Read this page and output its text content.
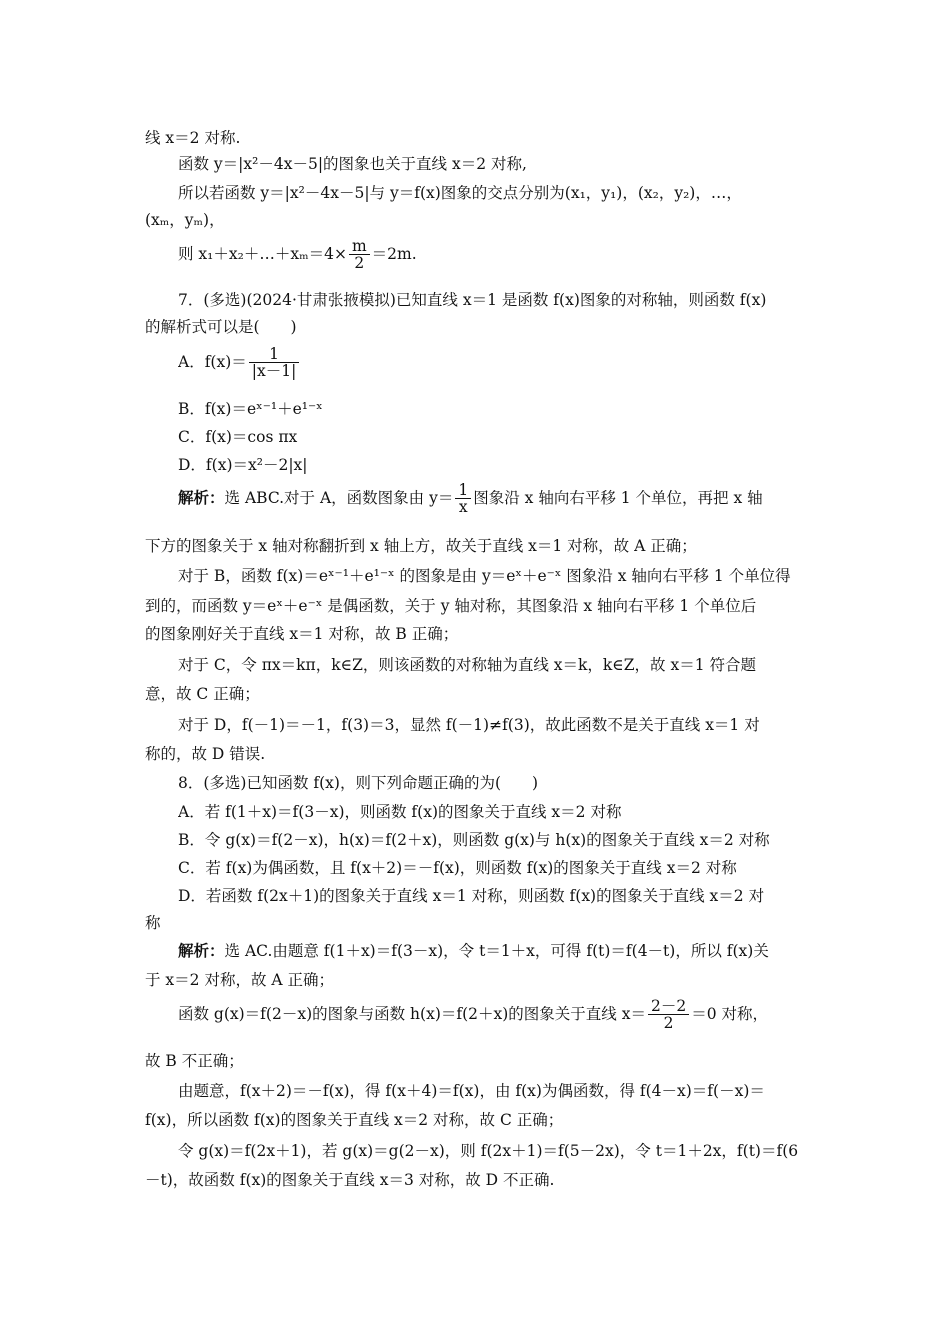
线 x＝2 对称.
函数 y＝|x²－4x－5|的图象也关于直线 x＝2 对称,
所以若函数 y＝|x²－4x－5|与 y＝f(x)图象的交点分别为(x₁，y₁)，(x₂，y₂)，…，
(xₘ，yₘ)，
则 x₁＋x₂＋…＋xₘ＝4× $\frac{m}{2} =2m$.
7．(多选)(2024·甘肃张掖模拟)已知直线 x＝1 是函数 f(x)图象的对称轴，则函数 f(x)
的解析式可以是(　　)
A．$f(x)= \frac{1}{|x-1|}$
B．f(x)＝eˣ⁻¹＋e¹⁻ˣ
C．f(x)＝cos πx
D．f(x)＝x²－2|x|
解析：选 ABC.对于 A，函数图象由 $y= \frac{1}{x}$ 图象沿 x 轴向右平移 1 个单位，再把 x 轴
下方的图象关于 x 轴对称翻折到 x 轴上方，故关于直线 x＝1 对称，故 A 正确；
对于 B，函数 f(x)＝eˣ⁻¹＋e¹⁻ˣ 的图象是由 y＝eˣ＋e⁻ˣ 图象沿 x 轴向右平移 1 个单位得
到的，而函数 y＝eˣ＋e⁻ˣ 是偶函数，关于 y 轴对称，其图象沿 x 轴向右平移 1 个单位后
的图象刚好关于直线 x＝1 对称，故 B 正确；
对于 C，令 πx＝kπ，k∈Z，则该函数的对称轴为直线 x＝k，k∈Z，故 x＝1 符合题
意，故 C 正确；
对于 D，f(－1)＝－1，f(3)＝3，显然 f(－1)≠f(3)，故此函数不是关于直线 x＝1 对
称的，故 D 错误.
8．(多选)已知函数 f(x)，则下列命题正确的为(　　)
A．若 f(1＋x)＝f(3－x)，则函数 f(x)的图象关于直线 x＝2 对称
B．令 g(x)＝f(2－x)，h(x)＝f(2＋x)，则函数 g(x)与 h(x)的图象关于直线 x＝2 对称
C．若 f(x)为偶函数，且 f(x＋2)＝－f(x)，则函数 f(x)的图象关于直线 x＝2 对称
D．若函数 f(2x＋1)的图象关于直线 x＝1 对称，则函数 f(x)的图象关于直线 x＝2 对
称
解析：选 AC.由题意 f(1＋x)＝f(3－x)，令 t＝1＋x，可得 f(t)＝f(4－t)，所以 f(x)关
于 x＝2 对称，故 A 正确；
函数 g(x)＝f(2－x)的图象与函数 h(x)＝f(2＋x)的图象关于直线 $x= \frac{2-2}{2} =0$ 对称，
故 B 不正确；
由题意，f(x＋2)＝－f(x)，得 f(x＋4)＝f(x)，由 f(x)为偶函数，得 f(4－x)＝f(－x)＝
f(x)，所以函数 f(x)的图象关于直线 x＝2 对称，故 C 正确；
令 g(x)＝f(2x＋1)，若 g(x)＝g(2－x)，则 f(2x＋1)＝f(5－2x)，令 t＝1＋2x，f(t)＝f(6
－t)，故函数 f(x)的图象关于直线 x＝3 对称，故 D 不正确.
